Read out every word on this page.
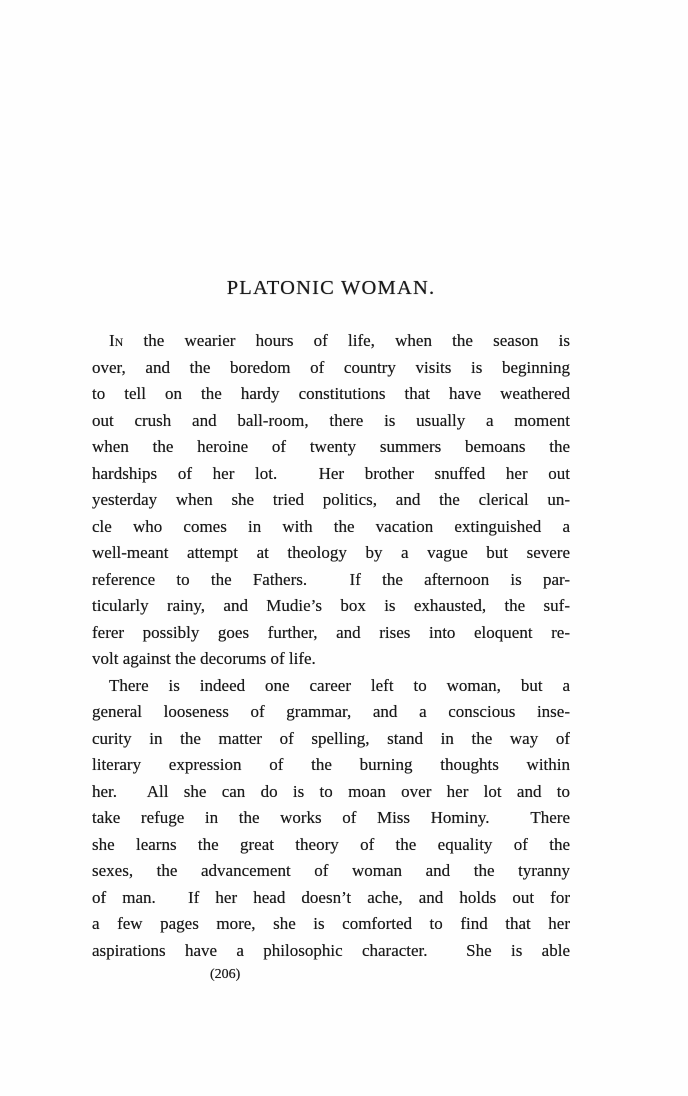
PLATONIC WOMAN.
In the wearier hours of life, when the season is
over, and the boredom of country visits is beginning
to tell on the hardy constitutions that have weathered
out crush and ball-room, there is usually a moment
when the heroine of twenty summers bemoans the
hardships of her lot.  Her brother snuffed her out
yesterday when she tried politics, and the clerical un-
cle who comes in with the vacation extinguished a
well-meant attempt at theology by a vague but severe
reference to the Fathers.  If the afternoon is par-
ticularly rainy, and Mudie’s box is exhausted, the suf-
ferer possibly goes further, and rises into eloquent re-
volt against the decorums of life.
There is indeed one career left to woman, but a
general looseness of grammar, and a conscious inse-
curity in the matter of spelling, stand in the way of
literary expression of the burning thoughts within
her.  All she can do is to moan over her lot and to
take refuge in the works of Miss Hominy.  There
she learns the great theory of the equality of the
sexes, the advancement of woman and the tyranny
of man.  If her head doesn’t ache, and holds out for
a few pages more, she is comforted to find that her
aspirations have a philosophic character.  She is able
(206)
